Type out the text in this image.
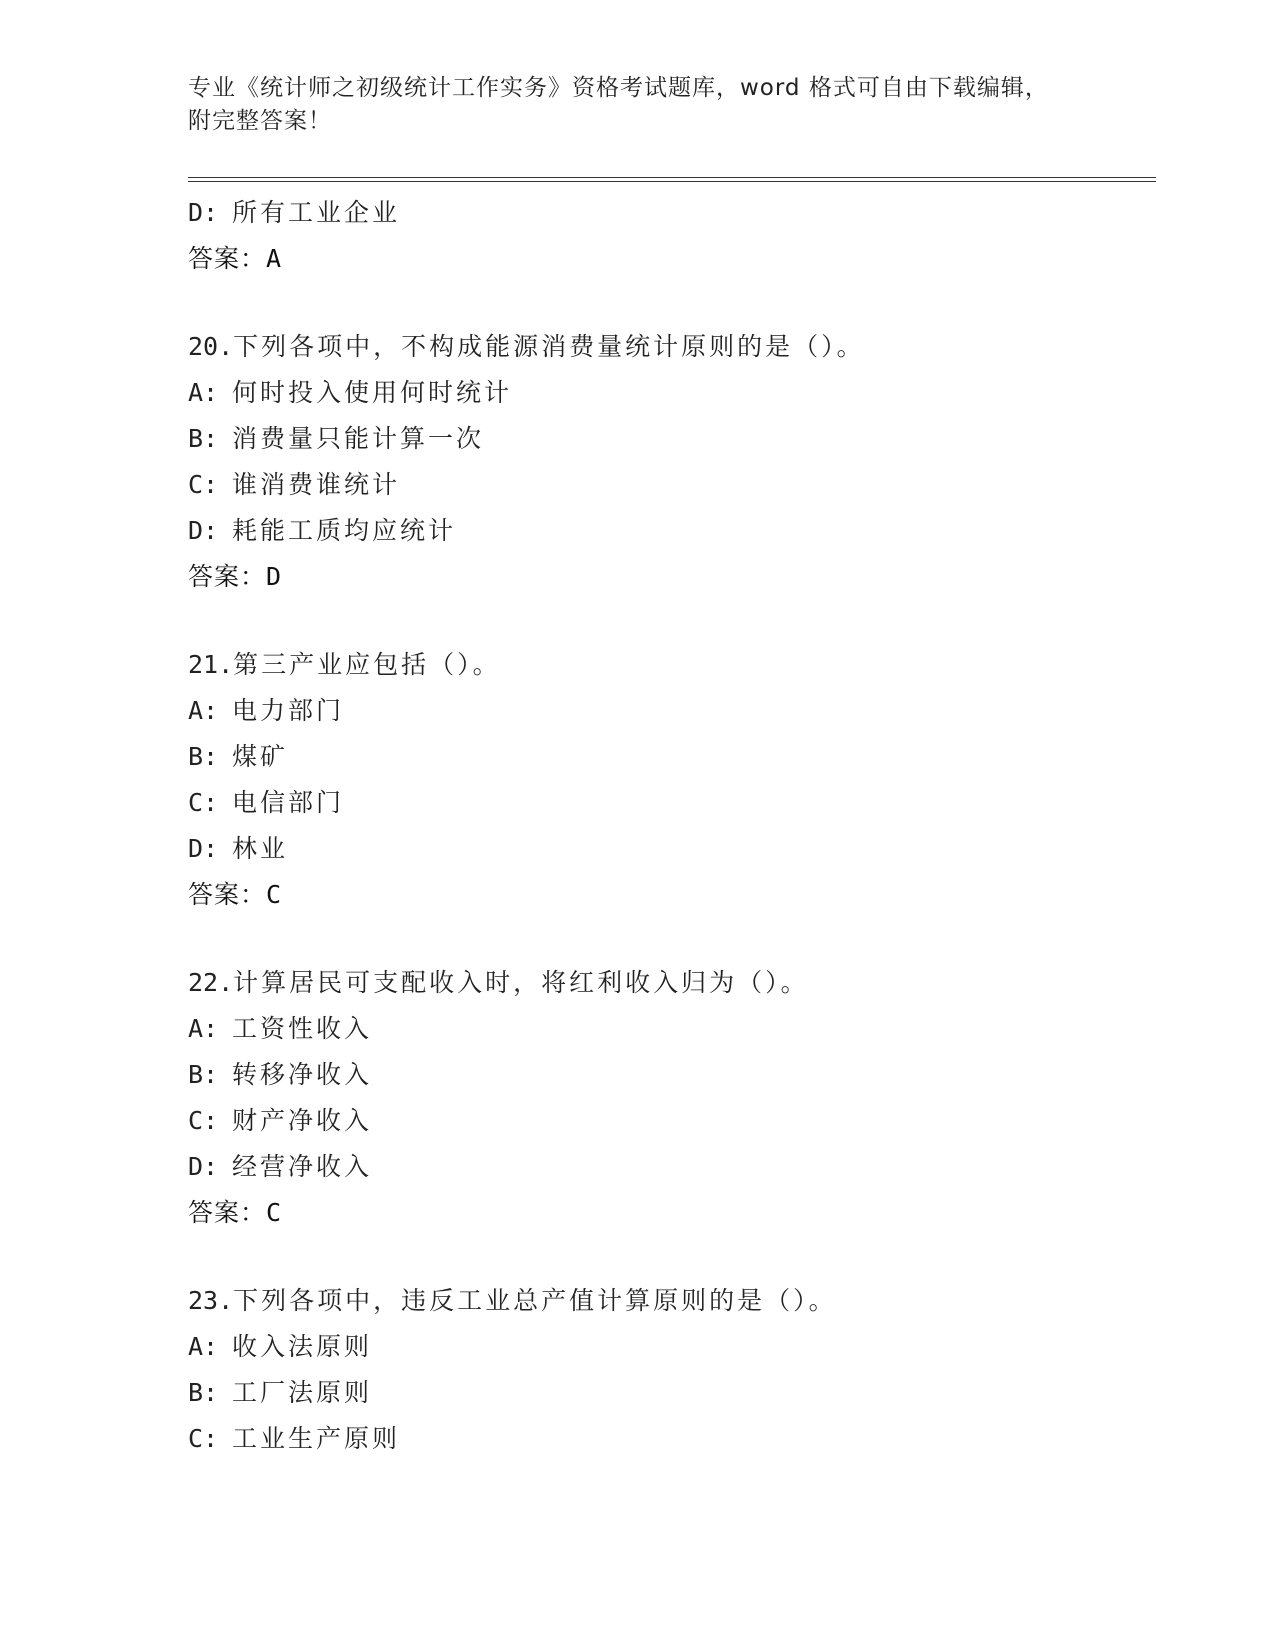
专业《统计师之初级统计工作实务》资格考试题库，word 格式可自由下载编辑，
附完整答案！
D: 所有工业企业
答案：A
20.下列各项中，不构成能源消费量统计原则的是（）。
A: 何时投入使用何时统计
B: 消费量只能计算一次
C: 谁消费谁统计
D: 耗能工质均应统计
答案：D
21.第三产业应包括（）。
A: 电力部门
B: 煤矿
C: 电信部门
D: 林业
答案：C
22.计算居民可支配收入时，将红利收入归为（）。
A: 工资性收入
B: 转移净收入
C: 财产净收入
D: 经营净收入
答案：C
23.下列各项中，违反工业总产值计算原则的是（）。
A: 收入法原则
B: 工厂法原则
C: 工业生产原则
